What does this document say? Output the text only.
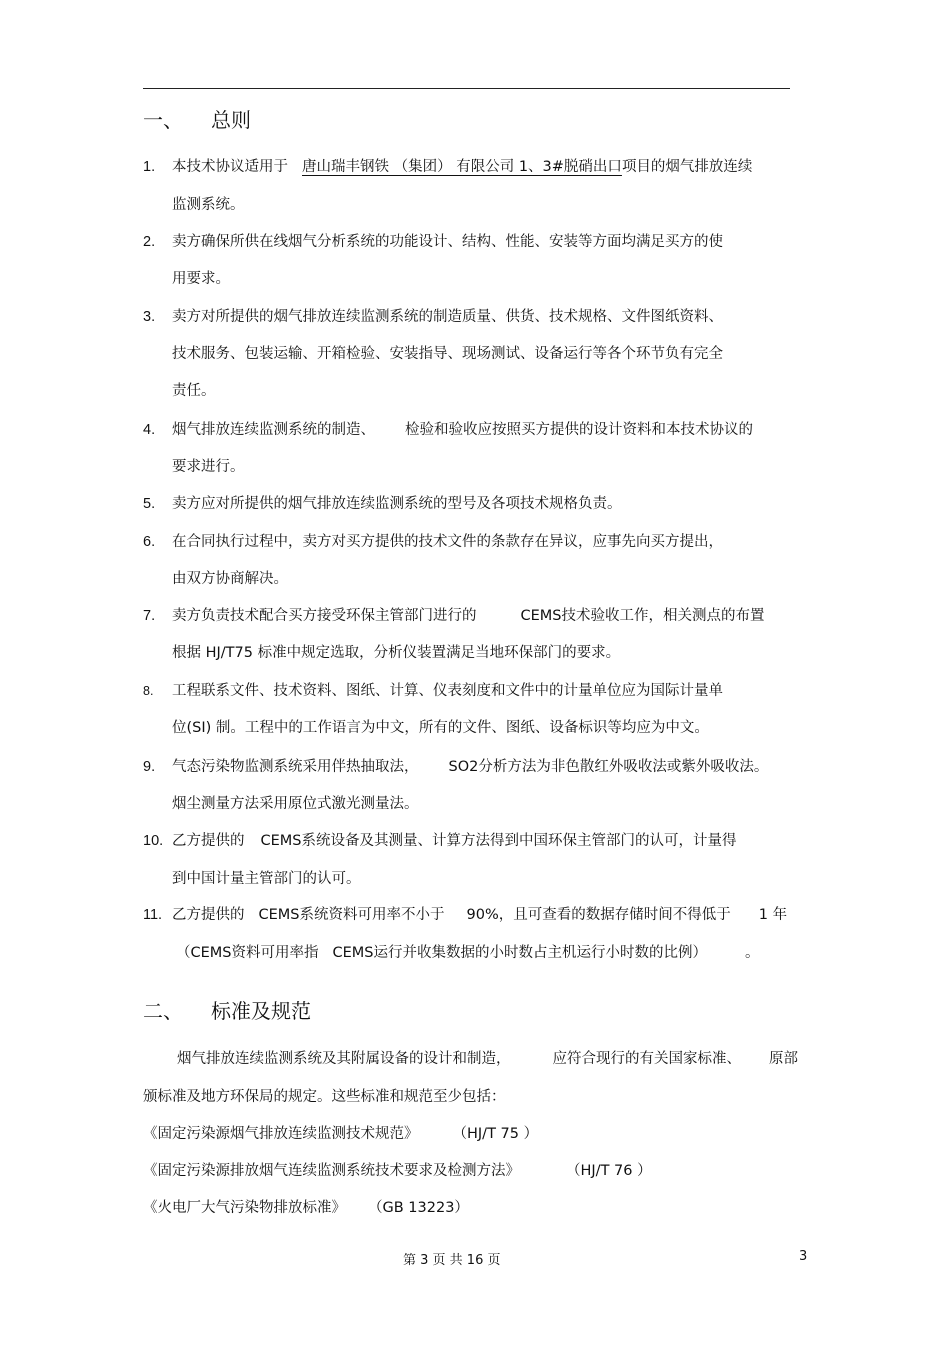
一、 总则
1. 本技术协议适用于 唐山瑞丰钢铁 （集团） 有限公司 1、3#脱硝出口项目的烟气排放连续
监测系统。
2. 卖方确保所供在线烟气分析系统的功能设计、结构、性能、安装等方面均满足买方的使
用要求。
3. 卖方对所提供的烟气排放连续监测系统的制造质量、供货、技术规格、文件图纸资料、
技术服务、包装运输、开箱检验、安装指导、现场测试、设备运行等各个环节负有完全
责任。
4. 烟气排放连续监测系统的制造、 检验和验收应按照买方提供的设计资料和本技术协议的
要求进行。
5. 卖方应对所提供的烟气排放连续监测系统的型号及各项技术规格负责。
6. 在合同执行过程中，卖方对买方提供的技术文件的条款存在异议，应事先向买方提出，
由双方协商解决。
7. 卖方负责技术配合买方接受环保主管部门进行的	CEMS技术验收工作，相关测点的布置
根据 HJ/T75 标准中规定选取，分析仪装置满足当地环保部门的要求。
8. 工程联系文件、技术资料、图纸、计算、仪表刻度和文件中的计量单位应为国际计量单
位(SI) 制。工程中的工作语言为中文，所有的文件、图纸、设备标识等均应为中文。
9. 气态污染物监测系统采用伴热抽取法， SO2分析方法为非色散红外吸收法或紫外吸收法。
烟尘测量方法采用原位式激光测量法。
10. 乙方提供的 CEMS系统设备及其测量、计算方法得到中国环保主管部门的认可，计量得
到中国计量主管部门的认可。
11. 乙方提供的 CEMS系统资料可用率不小于 90%，且可查看的数据存储时间不得低于 1 年
（CEMS资料可用率指 CEMS运行并收集数据的小时数占主机运行小时数的比例）	。
二、 标准及规范
烟气排放连续监测系统及其附属设备的设计和制造，	应符合现行的有关国家标准、 原部
颁标准及地方环保局的规定。这些标准和规范至少包括：
《固定污染源烟气排放连续监测技术规范》 （HJ/T 75 ）
《固定污染源排放烟气连续监测系统技术要求及检测方法》	（HJ/T 76 ）
《火电厂大气污染物排放标准》 （GB 13223）
第 3 页 共 16 页	3
